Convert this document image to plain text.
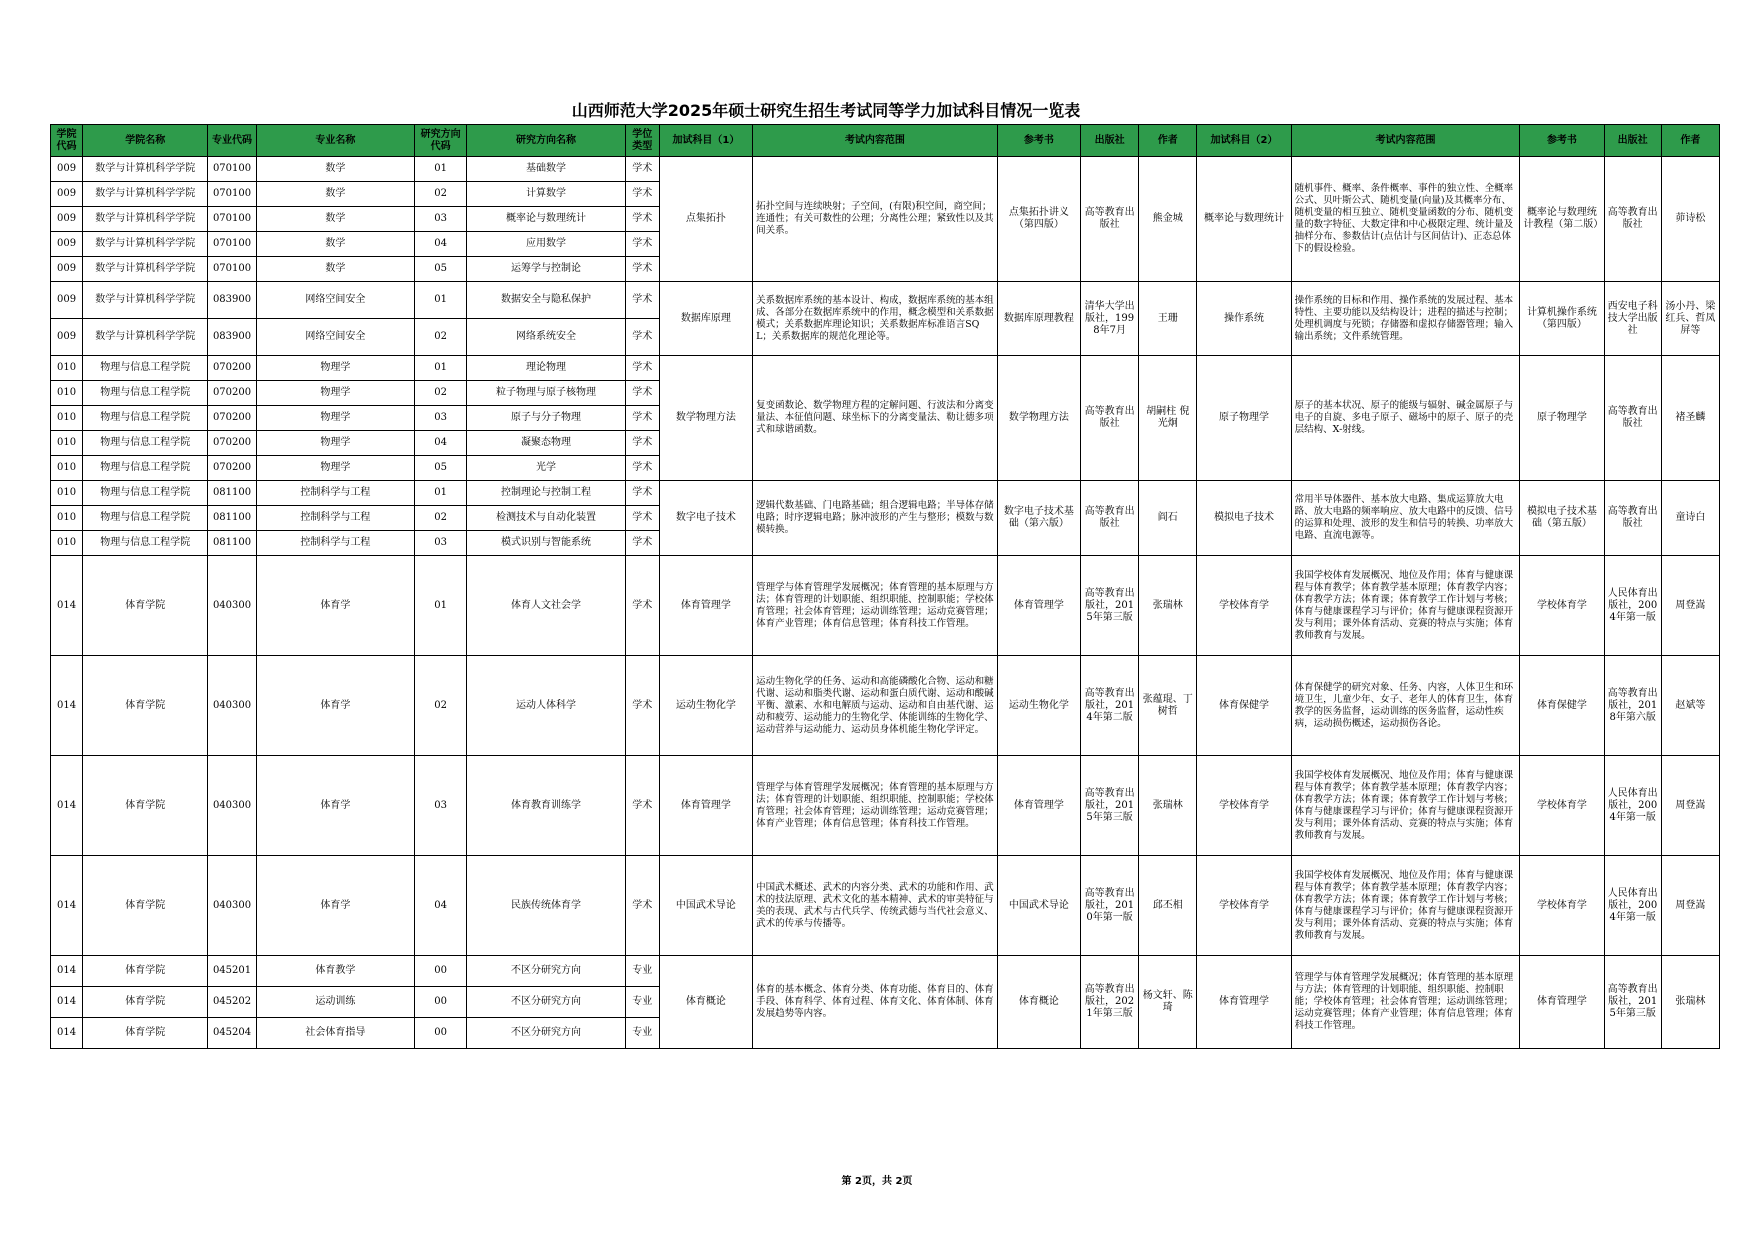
山西师范大学2025年硕士研究生招生考试同等学力加试科目情况一览表
学院代码	学院名称	专业代码	专业名称	研究方向代码	研究方向名称	学位类型	加试科目（1）	考试内容范围	参考书	出版社	作者	加试科目（2）	考试内容范围	参考书	出版社	作者
009	数学与计算机科学学院	070100	数学	01	基础数学	学术	点集拓扑	拓扑空间与连续映射；子空间，(有限)积空间，商空间；连通性；有关可数性的公理；分离性公理；紧致性以及其间关系。	点集拓扑讲义（第四版）	高等教育出版社	熊金城	概率论与数理统计	随机事件、概率、条件概率、事件的独立性、全概率公式、贝叶斯公式、随机变量(向量)及其概率分布、随机变量的相互独立、随机变量函数的分布、随机变量的数字特征、大数定律和中心极限定理、统计量及抽样分布、参数估计(点估计与区间估计)、正态总体下的假设检验。	概率论与数理统计教程（第二版）	高等教育出版社	茆诗松
009	数学与计算机科学学院	070100	数学	02	计算数学	学术										
009	数学与计算机科学学院	070100	数学	03	概率论与数理统计	学术										
009	数学与计算机科学学院	070100	数学	04	应用数学	学术										
009	数学与计算机科学学院	070100	数学	05	运筹学与控制论	学术										
009	数学与计算机科学学院	083900	网络空间安全	01	数据安全与隐私保护	学术	数据库原理	关系数据库系统的基本设计、构成，数据库系统的基本组成、各部分在数据库系统中的作用，概念模型和关系数据模式；关系数据库理论知识；关系数据库标准语言SQL；关系数据库的规范化理论等。	数据库原理教程	清华大学出版社，1998年7月	王珊	操作系统	操作系统的目标和作用、操作系统的发展过程、基本特性、主要功能以及结构设计；进程的描述与控制；处理机调度与死锁；存储器和虚拟存储器管理；输入输出系统；文件系统管理。	计算机操作系统（第四版）	西安电子科技大学出版社	汤小丹、梁红兵、哲凤屏等
009	数学与计算机科学学院	083900	网络空间安全	02	网络系统安全	学术										
010	物理与信息工程学院	070200	物理学	01	理论物理	学术	数学物理方法	复变函数论、数学物理方程的定解问题、行波法和分离变量法、本征值问题、球坐标下的分离变量法、勒让德多项式和球谐函数。	数学物理方法	高等教育出版社	胡嗣柱 倪光炯	原子物理学	原子的基本状况、原子的能级与辐射、碱金属原子与电子的自旋、多电子原子、磁场中的原子、原子的壳层结构、X-射线。	原子物理学	高等教育出版社	褚圣麟
010	物理与信息工程学院	070200	物理学	02	粒子物理与原子核物理	学术										
010	物理与信息工程学院	070200	物理学	03	原子与分子物理	学术										
010	物理与信息工程学院	070200	物理学	04	凝聚态物理	学术										
010	物理与信息工程学院	070200	物理学	05	光学	学术										
010	物理与信息工程学院	081100	控制科学与工程	01	控制理论与控制工程	学术	数字电子技术	逻辑代数基础、门电路基础；组合逻辑电路；半导体存储电路；时序逻辑电路；脉冲波形的产生与整形；模数与数模转换。	数字电子技术基础（第六版）	高等教育出版社	阎石	模拟电子技术	常用半导体器件、基本放大电路、集成运算放大电路、放大电路的频率响应、放大电路中的反馈、信号的运算和处理、波形的发生和信号的转换、功率放大电路、直流电源等。	模拟电子技术基础（第五版）	高等教育出版社	童诗白
010	物理与信息工程学院	081100	控制科学与工程	02	检测技术与自动化装置	学术										
010	物理与信息工程学院	081100	控制科学与工程	03	模式识别与智能系统	学术										
014	体育学院	040300	体育学	01	体育人文社会学	学术	体育管理学	管理学与体育管理学发展概况；体育管理的基本原理与方法；体育管理的计划职能、组织职能、控制职能；学校体育管理；社会体育管理；运动训练管理；运动竞赛管理；体育产业管理；体育信息管理；体育科技工作管理。	体育管理学	高等教育出版社，2015年第三版	张瑞林	学校体育学	我国学校体育发展概况、地位及作用；体育与健康课程与体育教学；体育教学基本原理；体育教学内容；体育教学方法；体育课；体育教学工作计划与考核；体育与健康课程学习与评价；体育与健康课程资源开发与利用；课外体育活动、竞赛的特点与实施；体育教师教育与发展。	学校体育学	人民体育出版社，2004年第一版	周登嵩
014	体育学院	040300	体育学	02	运动人体科学	学术	运动生物化学	运动生物化学的任务、运动和高能磷酸化合物、运动和糖代谢、运动和脂类代谢、运动和蛋白质代谢、运动和酸碱平衡、激素、水和电解质与运动、运动和自由基代谢、运动和疲劳、运动能力的生物化学、体能训练的生物化学、运动营养与运动能力、运动员身体机能生物化学评定。	运动生物化学	高等教育出版社，2014年第二版	张蕴琨、丁树哲	体育保健学	体育保健学的研究对象、任务、内容，人体卫生和环境卫生，儿童少年、女子、老年人的体育卫生，体育教学的医务监督，运动训练的医务监督，运动性疾病，运动损伤概述，运动损伤各论。	体育保健学	高等教育出版社，2018年第六版	赵斌等
014	体育学院	040300	体育学	03	体育教育训练学	学术	体育管理学	管理学与体育管理学发展概况；体育管理的基本原理与方法；体育管理的计划职能、组织职能、控制职能；学校体育管理；社会体育管理；运动训练管理；运动竞赛管理；体育产业管理；体育信息管理；体育科技工作管理。	体育管理学	高等教育出版社，2015年第三版	张瑞林	学校体育学	我国学校体育发展概况、地位及作用；体育与健康课程与体育教学；体育教学基本原理；体育教学内容；体育教学方法；体育课；体育教学工作计划与考核；体育与健康课程学习与评价；体育与健康课程资源开发与利用；课外体育活动、竞赛的特点与实施；体育教师教育与发展。	学校体育学	人民体育出版社，2004年第一版	周登嵩
014	体育学院	040300	体育学	04	民族传统体育学	学术	中国武术导论	中国武术概述、武术的内容分类、武术的功能和作用、武术的技法原理、武术文化的基本精神、武术的审美特征与美的表现、武术与古代兵学、传统武德与当代社会意义、武术的传承与传播等。	中国武术导论	高等教育出版社，2010年第一版	邱丕相	学校体育学	我国学校体育发展概况、地位及作用；体育与健康课程与体育教学；体育教学基本原理；体育教学内容；体育教学方法；体育课；体育教学工作计划与考核；体育与健康课程学习与评价；体育与健康课程资源开发与利用；课外体育活动、竞赛的特点与实施；体育教师教育与发展。	学校体育学	人民体育出版社，2004年第一版	周登嵩
014	体育学院	045201	体育教学	00	不区分研究方向	专业	体育概论	体育的基本概念、体育分类、体育功能、体育目的、体育手段、体育科学、体育过程、体育文化、体育体制、体育发展趋势等内容。	体育概论	高等教育出版社，2021年第三版	杨文轩、陈琦	体育管理学	管理学与体育管理学发展概况；体育管理的基本原理与方法；体育管理的计划职能、组织职能、控制职能；学校体育管理；社会体育管理；运动训练管理；运动竞赛管理；体育产业管理；体育信息管理；体育科技工作管理。	体育管理学	高等教育出版社，2015年第三版	张瑞林
014	体育学院	045202	运动训练	00	不区分研究方向	专业										
014	体育学院	045204	社会体育指导	00	不区分研究方向	专业										
第 2页，共 2页
